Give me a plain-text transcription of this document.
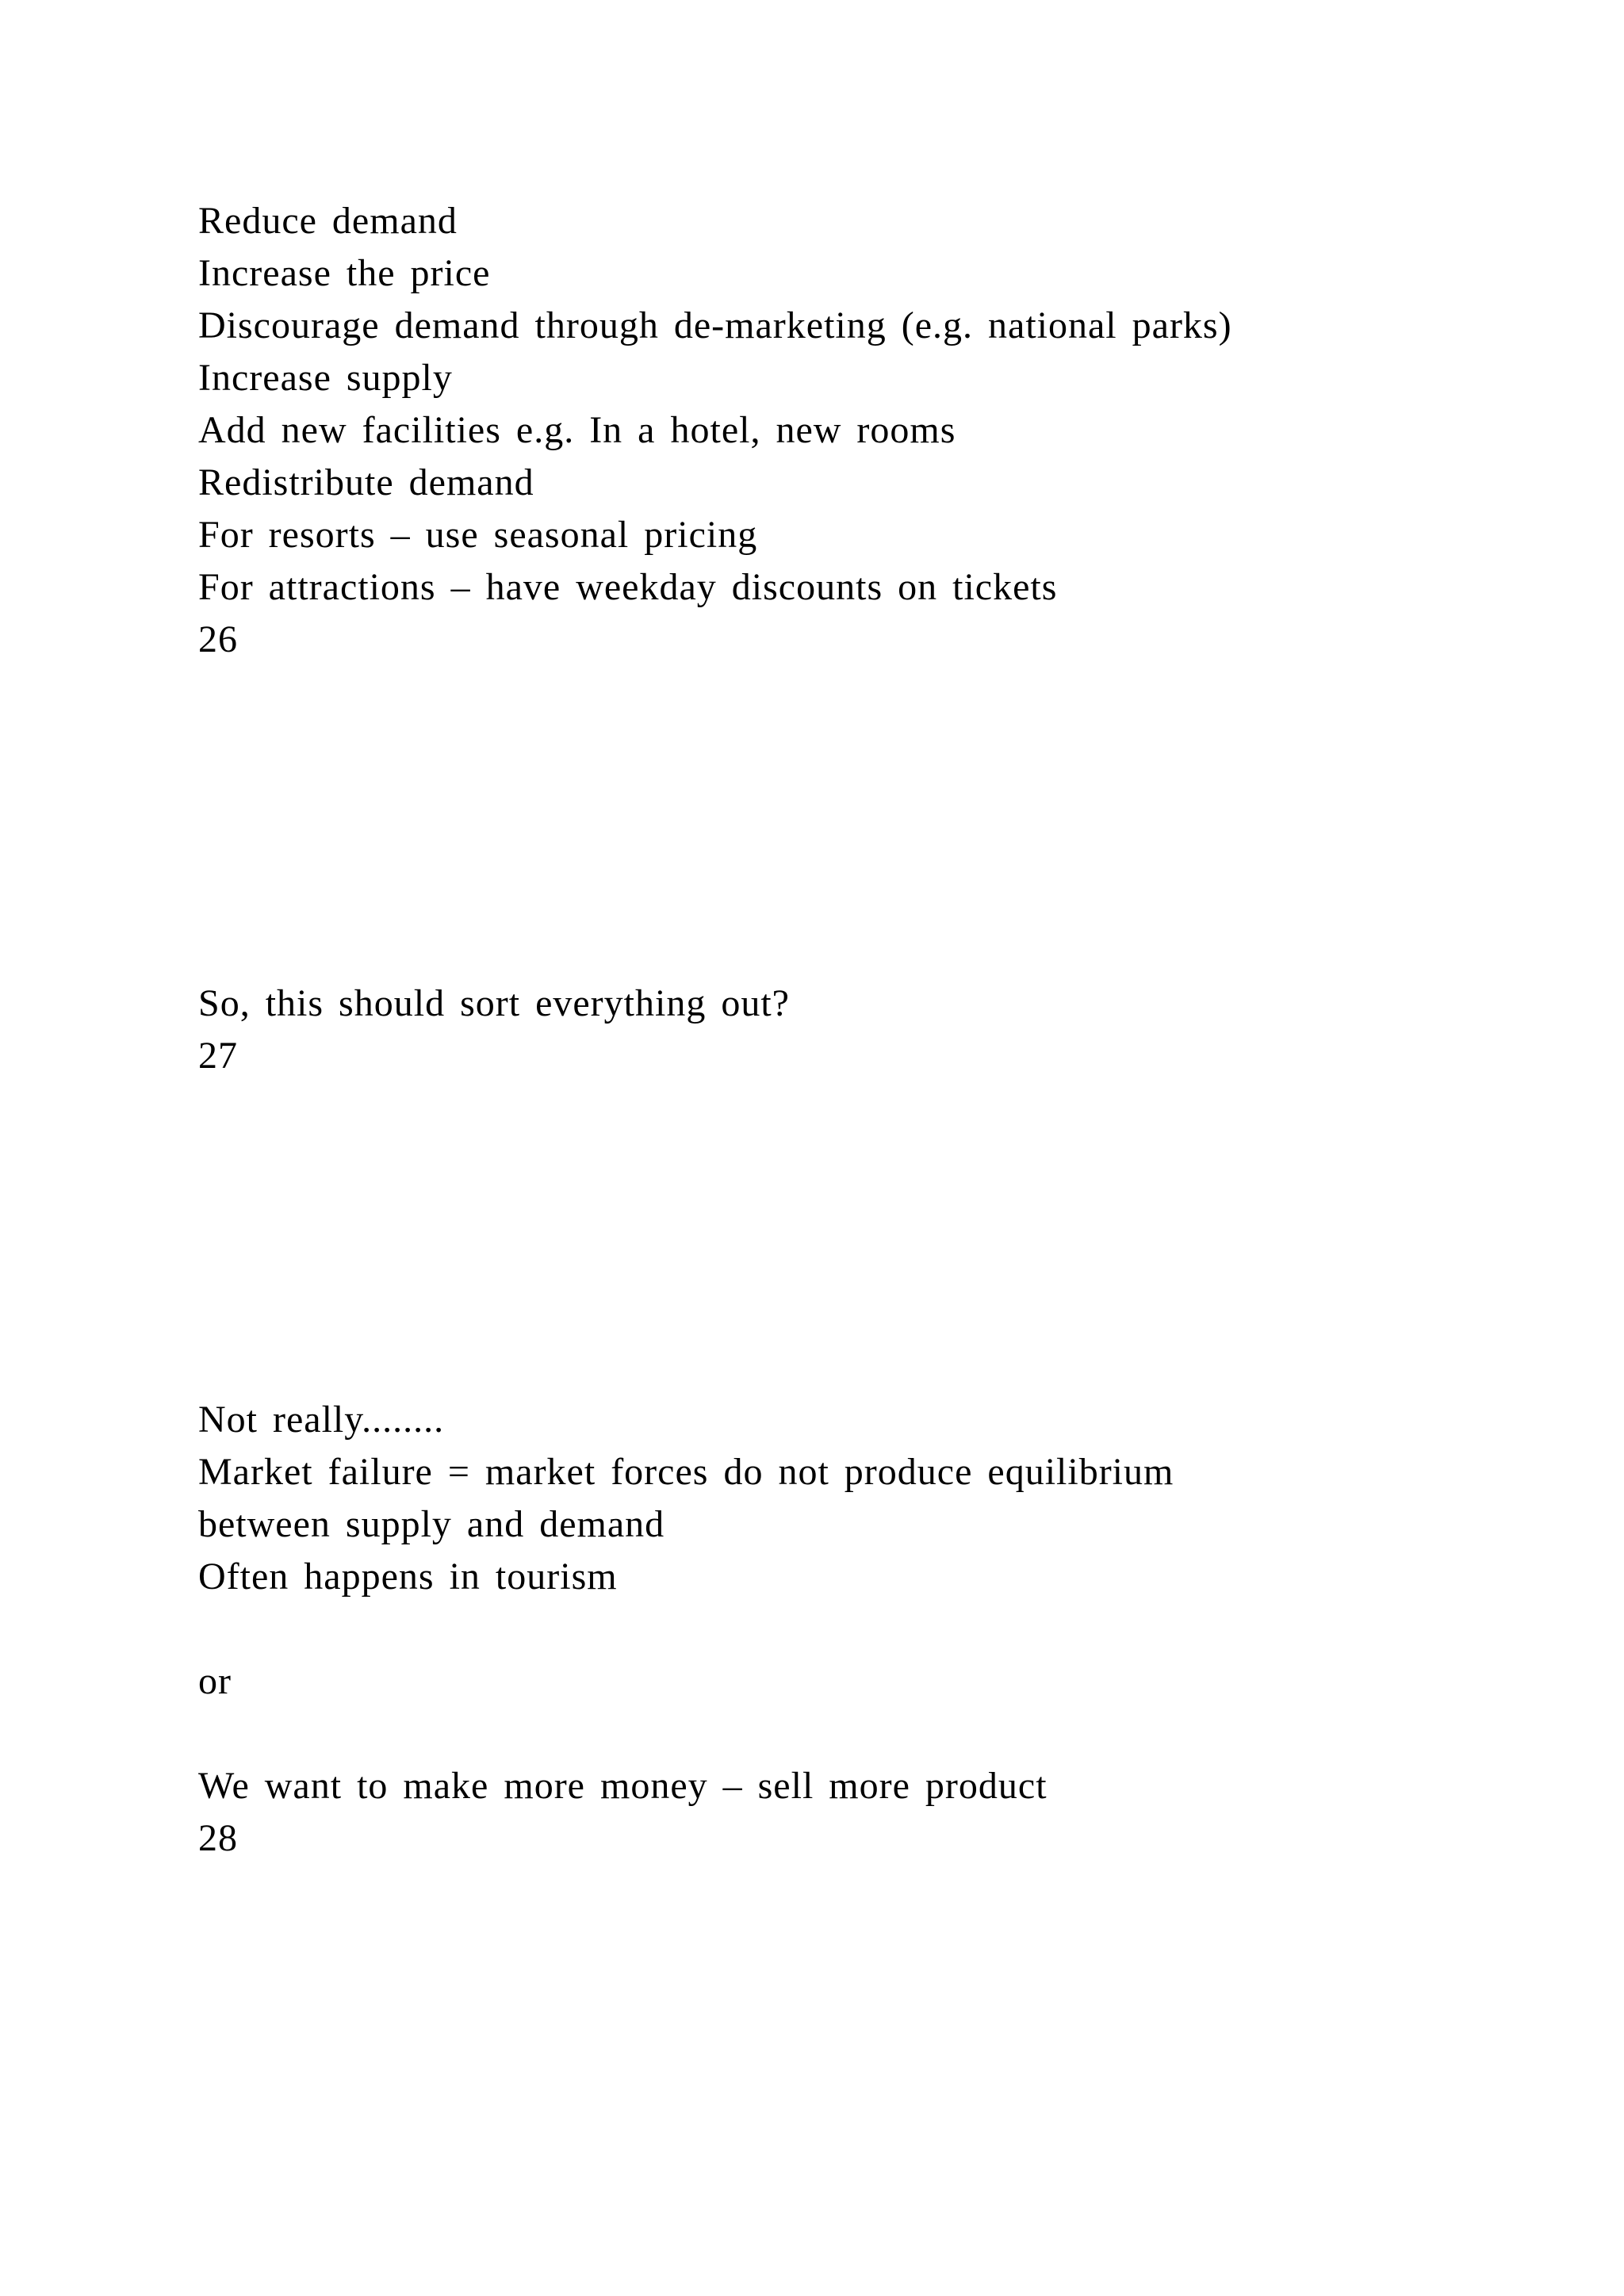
Reduce demand
Increase the price
Discourage demand through de-marketing (e.g. national parks)
Increase supply
Add new facilities e.g. In a hotel, new rooms
Redistribute demand
For resorts – use seasonal pricing
For attractions – have weekday discounts on tickets
26
So, this should sort everything out?
27
Not really........
Market failure = market forces do not produce equilibrium
between supply and demand
Often happens in tourism
or
We want to make more money – sell more product
28
